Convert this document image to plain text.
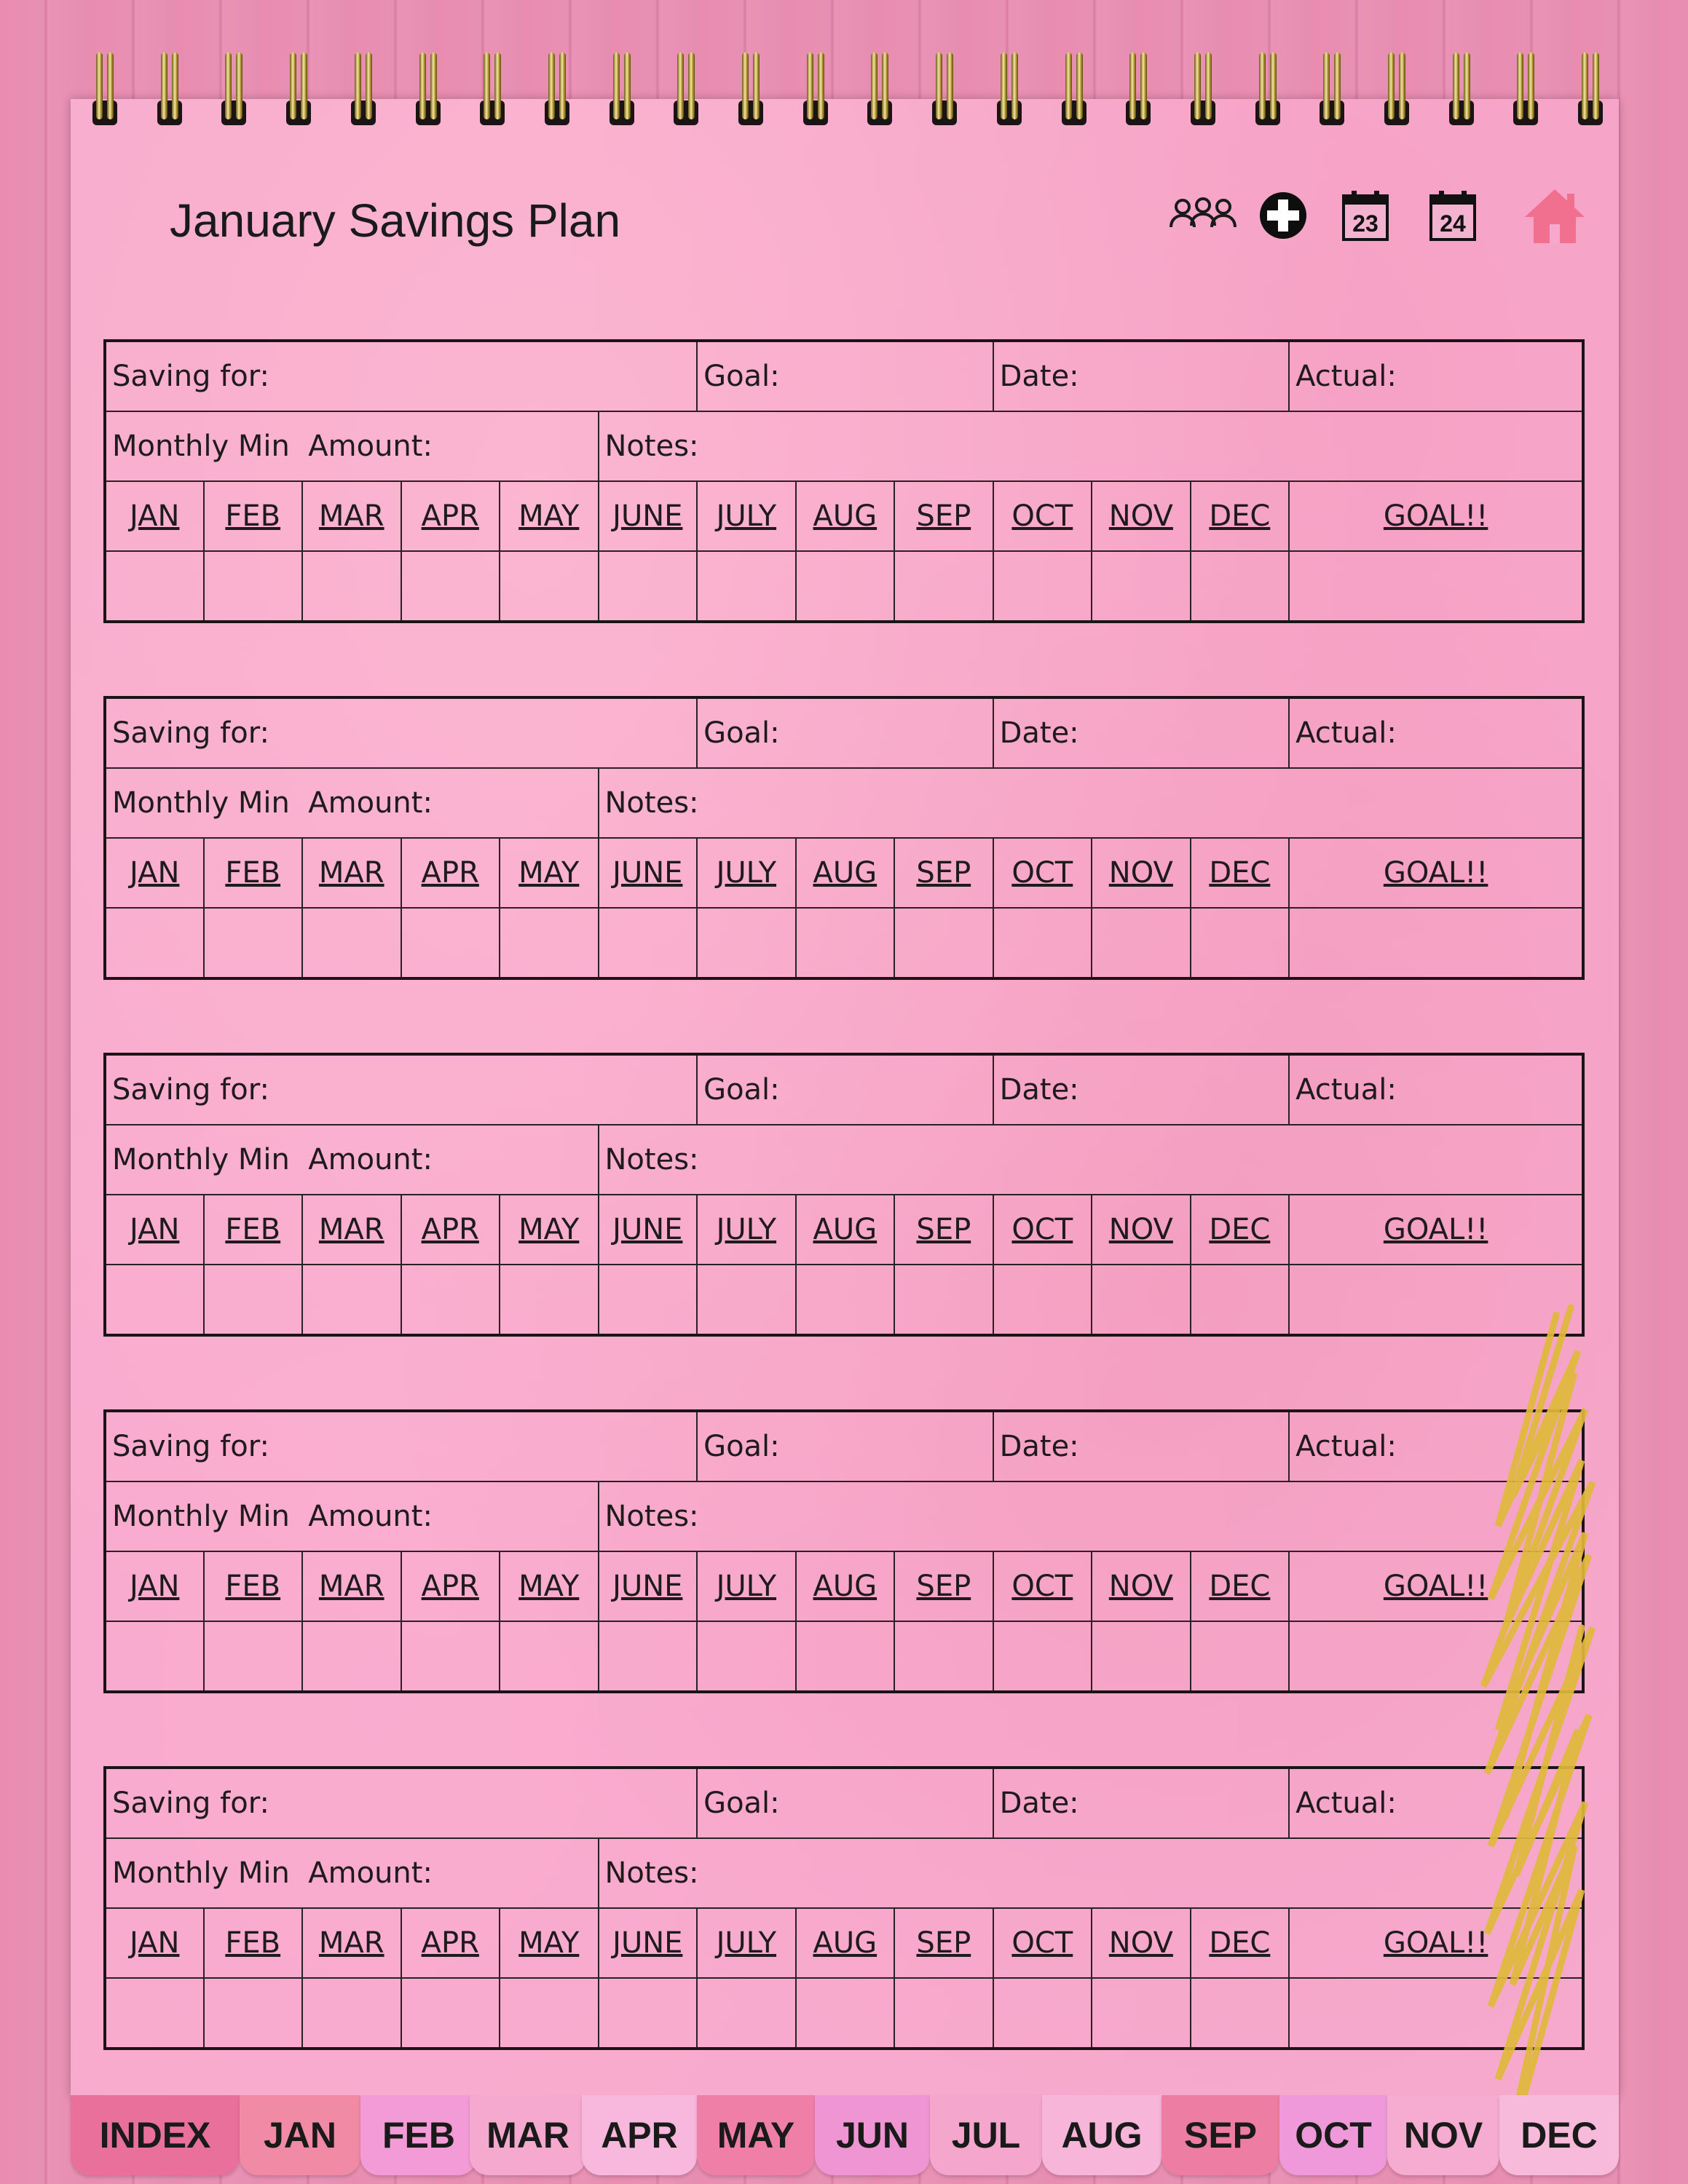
January Savings Plan	23	24
Saving for:						Goal:			Date:			Actual:
Monthly Min  Amount:					Notes:							
JAN	FEB	MAR	APR	MAY	JUNE	JULY	AUG	SEP	OCT	NOV	DEC	GOAL!!

Saving for:						Goal:			Date:			Actual:
Monthly Min  Amount:					Notes:							
JAN	FEB	MAR	APR	MAY	JUNE	JULY	AUG	SEP	OCT	NOV	DEC	GOAL!!

Saving for:						Goal:			Date:			Actual:
Monthly Min  Amount:					Notes:							
JAN	FEB	MAR	APR	MAY	JUNE	JULY	AUG	SEP	OCT	NOV	DEC	GOAL!!

Saving for:						Goal:			Date:			Actual:
Monthly Min  Amount:					Notes:							
JAN	FEB	MAR	APR	MAY	JUNE	JULY	AUG	SEP	OCT	NOV	DEC	GOAL!!

Saving for:						Goal:			Date:			Actual:
Monthly Min  Amount:					Notes:							
JAN	FEB	MAR	APR	MAY	JUNE	JULY	AUG	SEP	OCT	NOV	DEC	GOAL!!

INDEX	JAN	FEB MAR APR	MAY	JUN	JUL	AUG	SEP	OCT NOV	DEC
